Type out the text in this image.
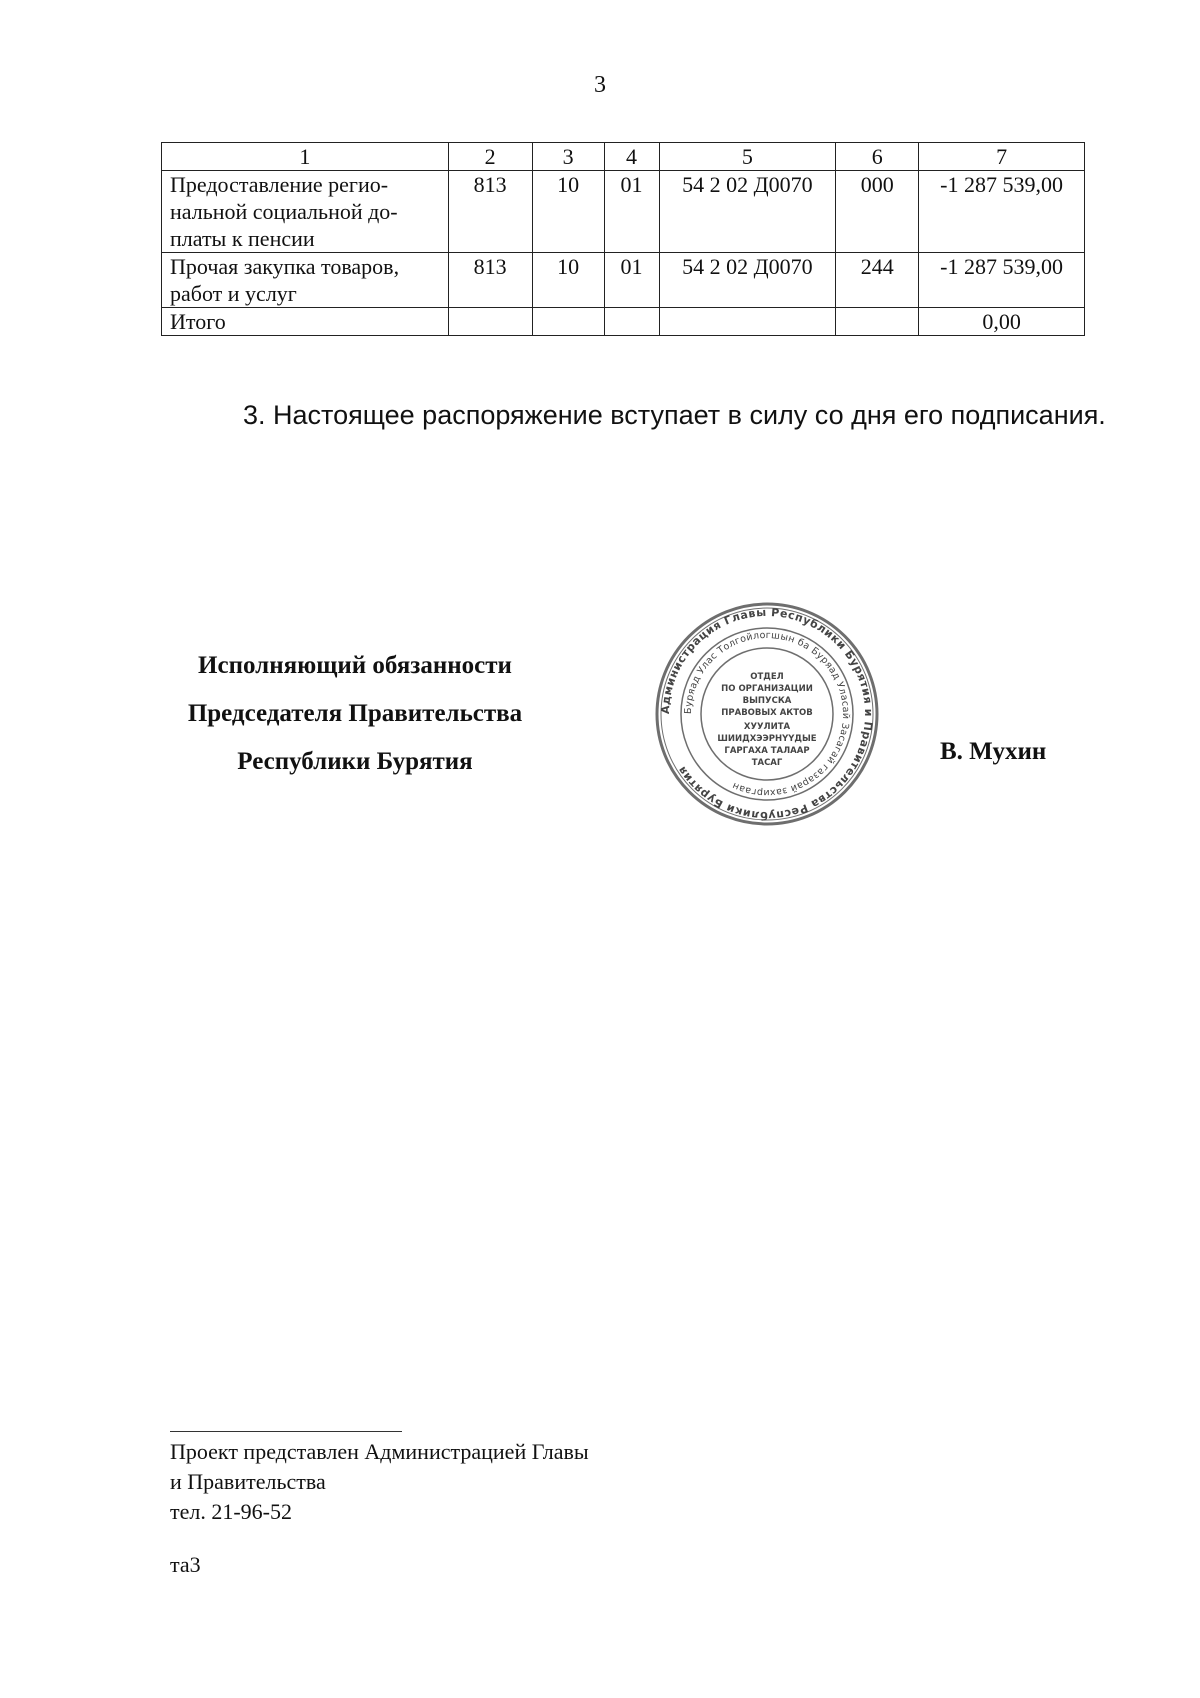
3
1	2	3	4	5	6	7

Предоставление регио-
нальной социальной до-
платы к пенсии	813	10	01	54 2 02 Д0070	000	-1 287 539,00

Прочая закупка товаров,
работ и услуг	813	10	01	54 2 02 Д0070	244	-1 287 539,00
Итого						0,00
3. Настоящее распоряжение вступает в силу со дня его подписания.
Исполняющий обязанности
Председателя Правительства
Республики Бурятия
Администрация Главы Республики Бурятия и Правительства Республики Бурятия
Буряад Улас Толгойлогшын ба Буряад Уласай Засагай газарай захиргаан
ОТДЕЛ
ПО ОРГАНИЗАЦИИ
ВЫПУСКА
ПРАВОВЫХ АКТОВ
ХУУЛИТА
ШИИДХЭЭРНҮҮДЫЕ
ГАРГАХА ТАЛААР
ТАСАГ	В. Мухин
Проект представлен Администрацией Главы
и Правительства
тел. 21-96-52
та3
